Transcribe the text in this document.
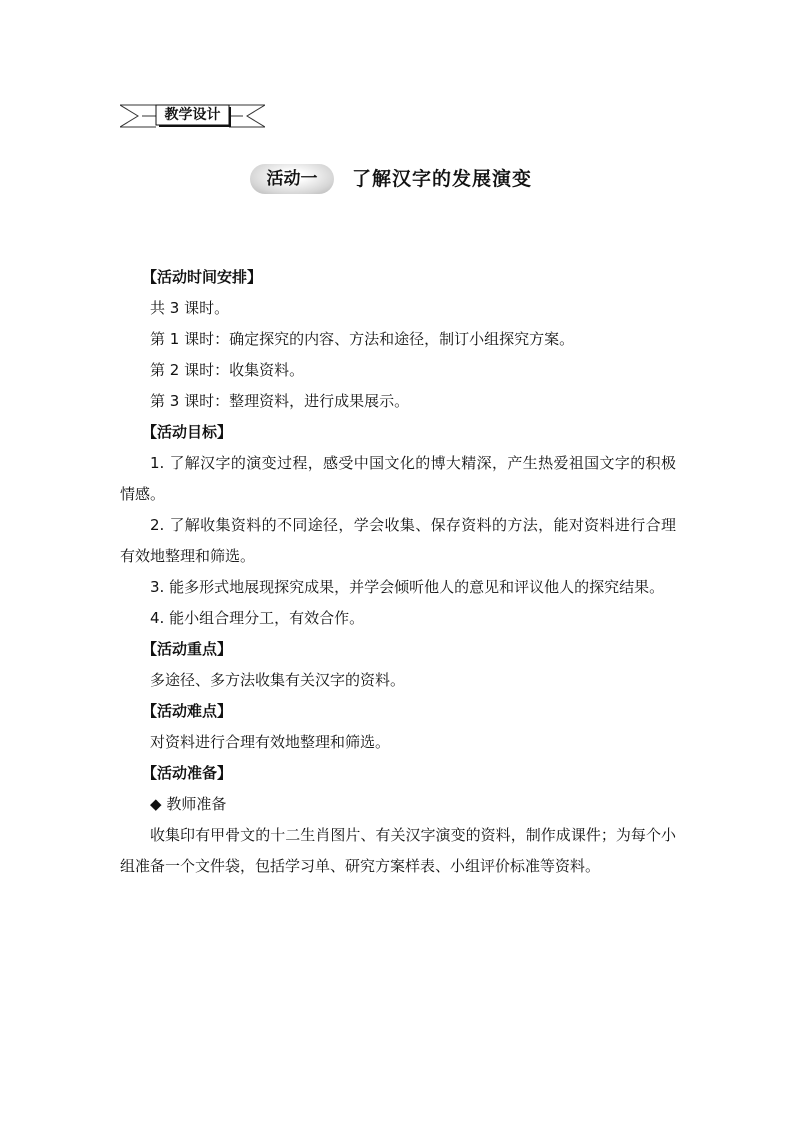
教学设计
活动一	了解汉字的发展演变
【活动时间安排】
共 3 课时。
第 1 课时：确定探究的内容、方法和途径，制订小组探究方案。
第 2 课时：收集资料。
第 3 课时：整理资料，进行成果展示。
【活动目标】
1. 了解汉字的演变过程，感受中国文化的博大精深，产生热爱祖国文字的积极情感。
2. 了解收集资料的不同途径，学会收集、保存资料的方法，能对资料进行合理有效地整理和筛选。
3. 能多形式地展现探究成果，并学会倾听他人的意见和评议他人的探究结果。
4. 能小组合理分工，有效合作。
【活动重点】
多途径、多方法收集有关汉字的资料。
【活动难点】
对资料进行合理有效地整理和筛选。
【活动准备】
◆ 教师准备
收集印有甲骨文的十二生肖图片、有关汉字演变的资料，制作成课件；为每个小组准备一个文件袋，包括学习单、研究方案样表、小组评价标准等资料。
